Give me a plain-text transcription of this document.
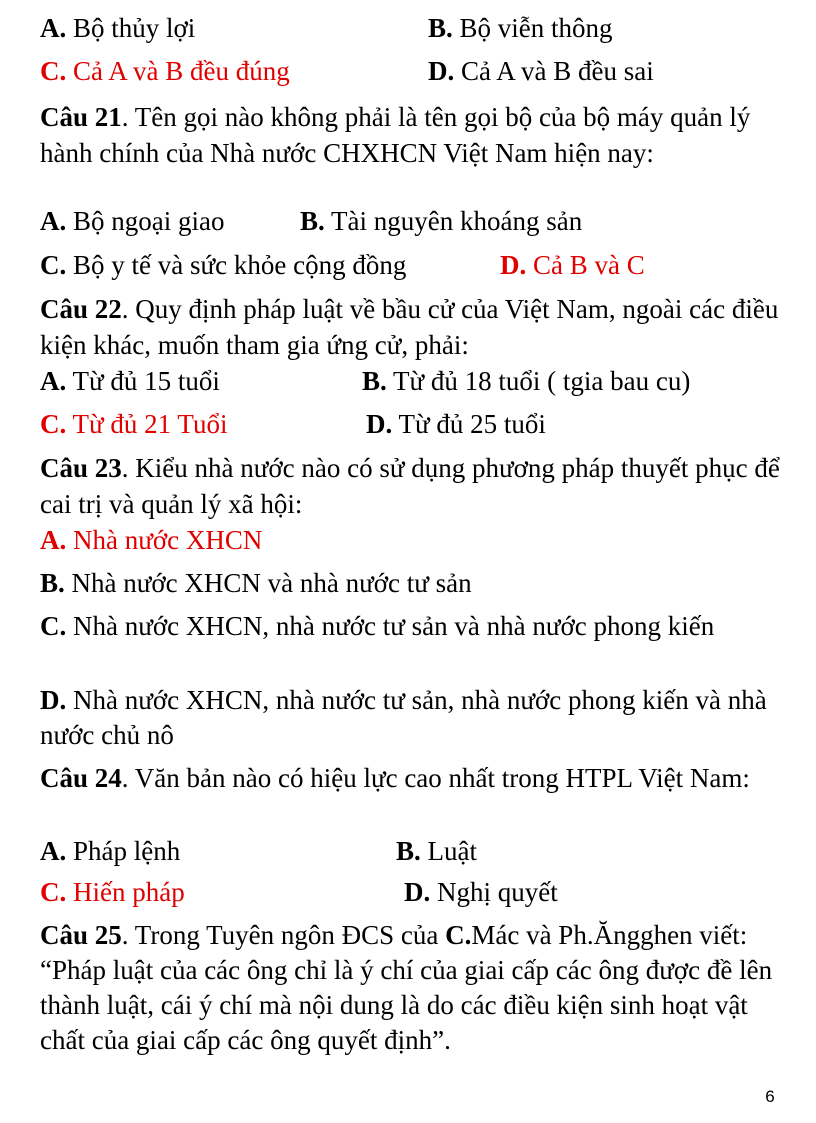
A. Bộ thủy lợi	B. Bộ viễn thông
C. Cả A và B đều đúng	D. Cả A và B đều sai
Câu 21. Tên gọi nào không phải là tên gọi bộ của bộ máy quản lý hành chính của Nhà nước CHXHCN Việt Nam hiện nay:
A. Bộ ngoại giao	B. Tài nguyên khoáng sản
C. Bộ y tế và sức khỏe cộng đồng	D. Cả B và C
Câu 22. Quy định pháp luật về bầu cử của Việt Nam, ngoài các điều kiện khác, muốn tham gia ứng cử, phải:
A. Từ đủ 15 tuổi	B. Từ đủ 18 tuổi ( tgia bau cu)
C. Từ đủ 21 Tuổi	D. Từ đủ 25 tuổi
Câu 23. Kiểu nhà nước nào có sử dụng phương pháp thuyết phục để cai trị và quản lý xã hội:
A. Nhà nước XHCN
B. Nhà nước XHCN và nhà nước tư sản
C. Nhà nước XHCN, nhà nước tư sản và nhà nước phong kiến
D. Nhà nước XHCN, nhà nước tư sản, nhà nước phong kiến và nhà nước chủ nô
Câu 24. Văn bản nào có hiệu lực cao nhất trong HTPL Việt Nam:
A. Pháp lệnh	B. Luật
C. Hiến pháp	D. Nghị quyết
Câu 25. Trong Tuyên ngôn ĐCS của C.Mác và Ph.Ăngghen viết: “Pháp luật của các ông chỉ là ý chí của giai cấp các ông được đề lên thành luật, cái ý chí mà nội dung là do các điều kiện sinh hoạt vật chất của giai cấp các ông quyết định”.
6
